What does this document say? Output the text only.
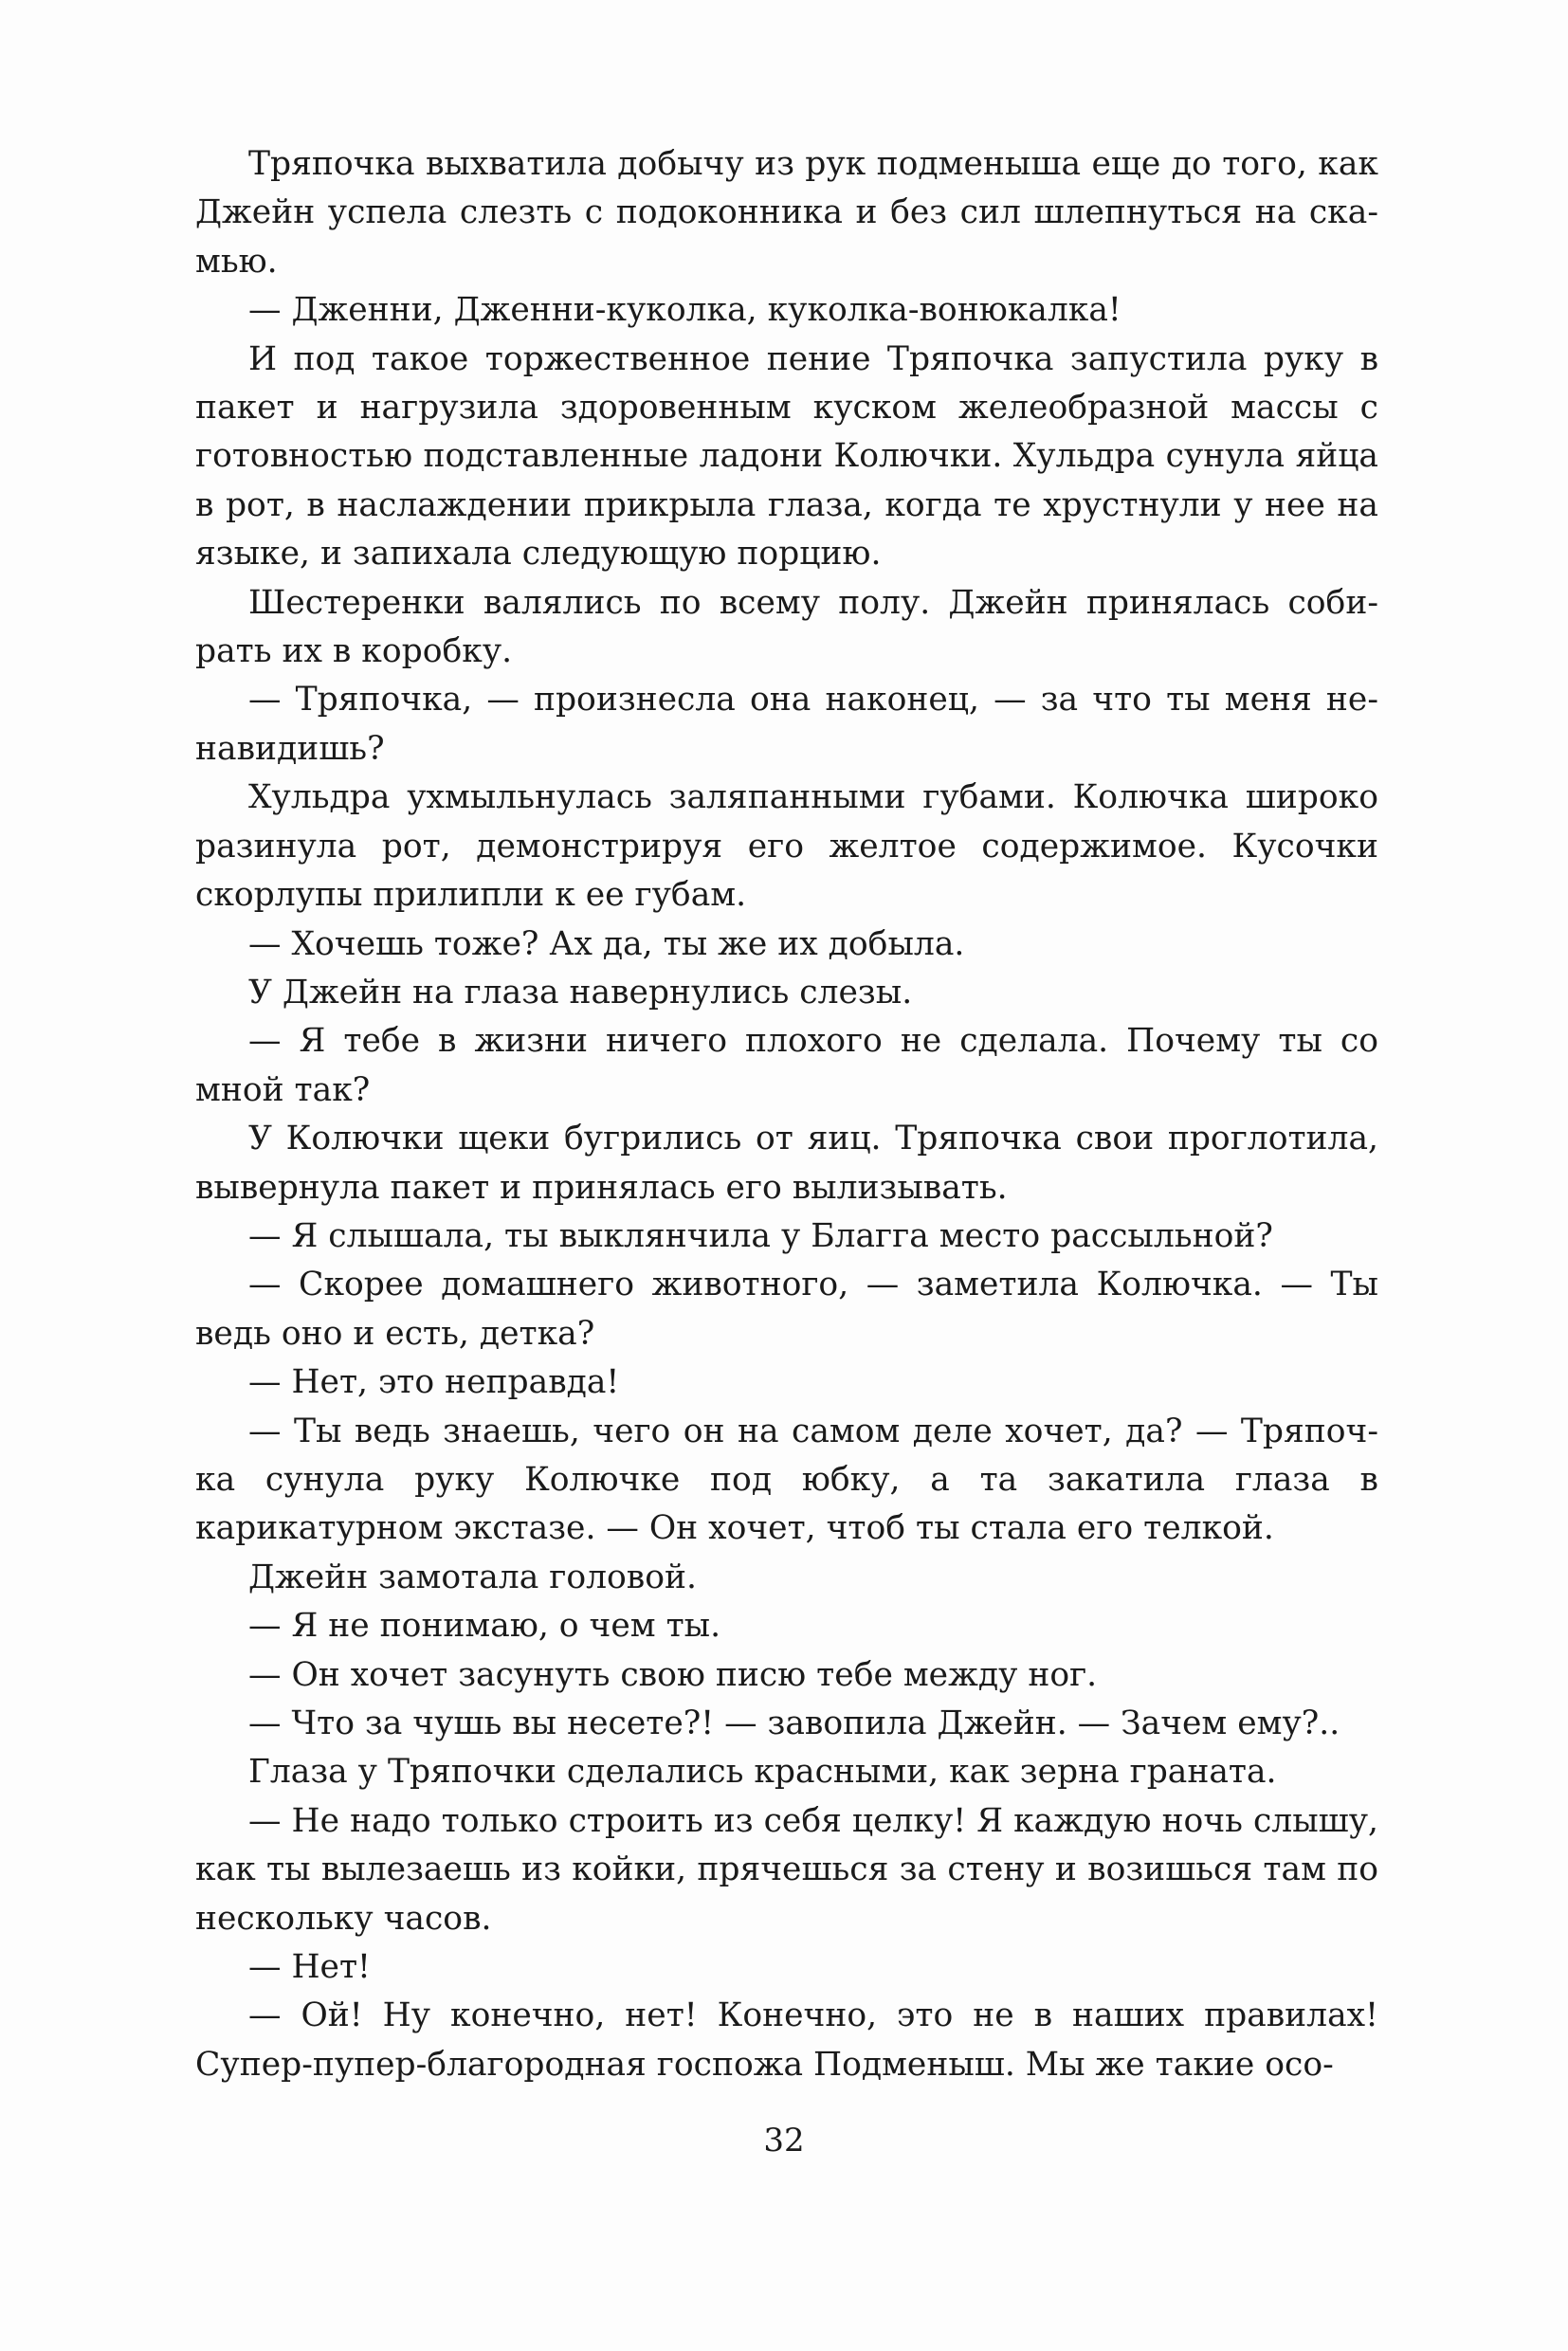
Тряпочка выхватила добычу из рук подменыша еще до того, как Джейн успела слезть с подоконника и без сил шлепнуться на скамью.

— Дженни, Дженни-куколка, куколка-вонюкалка!

И под такое торжественное пение Тряпочка запустила руку в пакет и нагрузила здоровенным куском желеобразной массы с готовностью подставленные ладони Колючки. Хульдра сунула яйца в рот, в наслаждении прикрыла глаза, когда те хрустнули у нее на языке, и запихала следующую порцию.

Шестеренки валялись по всему полу. Джейн принялась собирать их в коробку.

— Тряпочка, — произнесла она наконец, — за что ты меня ненавидишь?

Хульдра ухмыльнулась заляпанными губами. Колючка широко разинула рот, демонстрируя его желтое содержимое. Кусочки скорлупы прилипли к ее губам.

— Хочешь тоже? Ах да, ты же их добыла.

У Джейн на глаза навернулись слезы.

— Я тебе в жизни ничего плохого не сделала. Почему ты со мной так?

У Колючки щеки бугрились от яиц. Тряпочка свои проглотила, вывернула пакет и принялась его вылизывать.

— Я слышала, ты выклянчила у Благга место рассыльной?

— Скорее домашнего животного, — заметила Колючка. — Ты ведь оно и есть, детка?

— Нет, это неправда!

— Ты ведь знаешь, чего он на самом деле хочет, да? — Тряпочка сунула руку Колючке под юбку, а та закатила глаза в карикатурном экстазе. — Он хочет, чтоб ты стала его телкой.

Джейн замотала головой.

— Я не понимаю, о чем ты.

— Он хочет засунуть свою писю тебе между ног.

— Что за чушь вы несете?! — завопила Джейн. — Зачем ему?..

Глаза у Тряпочки сделались красными, как зерна граната.

— Не надо только строить из себя целку! Я каждую ночь слышу, как ты вылезаешь из койки, прячешься за стену и возишься там по нескольку часов.

— Нет!

— Ой! Ну конечно, нет! Конечно, это не в наших правилах! Супер-пупер-благородная госпожа Подменыш. Мы же такие осо-

32
